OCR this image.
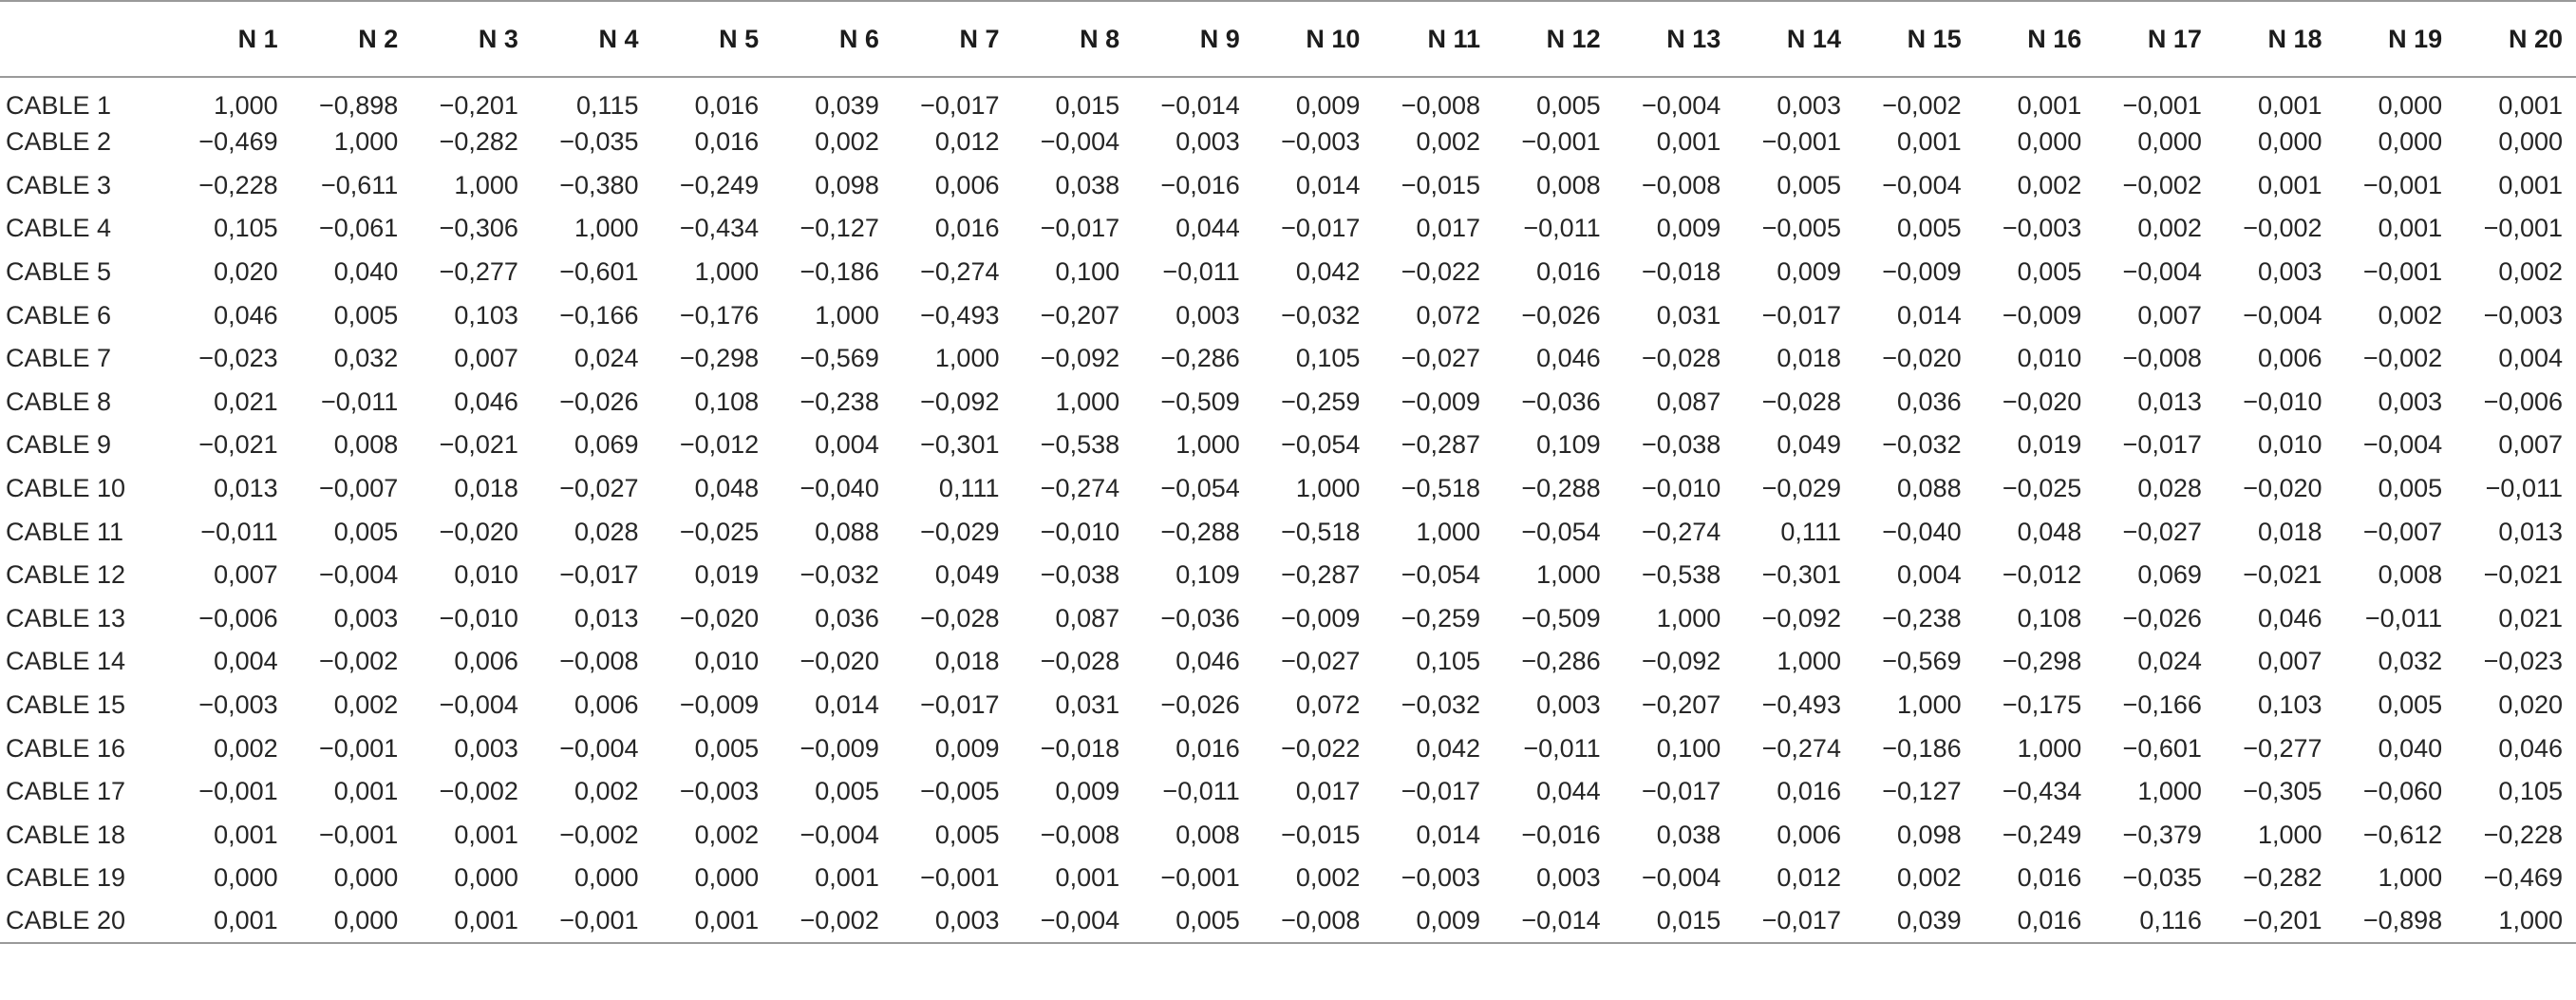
	N 1	N 2	N 3	N 4	N 5	N 6	N 7	N 8	N 9	N 10	N 11	N 12	N 13	N 14	N 15	N 16	N 17	N 18	N 19	N 20
CABLE 1	1,000	−0,898	−0,201	0,115	0,016	0,039	−0,017	0,015	−0,014	0,009	−0,008	0,005	−0,004	0,003	−0,002	0,001	−0,001	0,001	0,000	0,001
CABLE 2	−0,469	1,000	−0,282	−0,035	0,016	0,002	0,012	−0,004	0,003	−0,003	0,002	−0,001	0,001	−0,001	0,001	0,000	0,000	0,000	0,000	0,000
CABLE 3	−0,228	−0,611	1,000	−0,380	−0,249	0,098	0,006	0,038	−0,016	0,014	−0,015	0,008	−0,008	0,005	−0,004	0,002	−0,002	0,001	−0,001	0,001
CABLE 4	0,105	−0,061	−0,306	1,000	−0,434	−0,127	0,016	−0,017	0,044	−0,017	0,017	−0,011	0,009	−0,005	0,005	−0,003	0,002	−0,002	0,001	−0,001
CABLE 5	0,020	0,040	−0,277	−0,601	1,000	−0,186	−0,274	0,100	−0,011	0,042	−0,022	0,016	−0,018	0,009	−0,009	0,005	−0,004	0,003	−0,001	0,002
CABLE 6	0,046	0,005	0,103	−0,166	−0,176	1,000	−0,493	−0,207	0,003	−0,032	0,072	−0,026	0,031	−0,017	0,014	−0,009	0,007	−0,004	0,002	−0,003
CABLE 7	−0,023	0,032	0,007	0,024	−0,298	−0,569	1,000	−0,092	−0,286	0,105	−0,027	0,046	−0,028	0,018	−0,020	0,010	−0,008	0,006	−0,002	0,004
CABLE 8	0,021	−0,011	0,046	−0,026	0,108	−0,238	−0,092	1,000	−0,509	−0,259	−0,009	−0,036	0,087	−0,028	0,036	−0,020	0,013	−0,010	0,003	−0,006
CABLE 9	−0,021	0,008	−0,021	0,069	−0,012	0,004	−0,301	−0,538	1,000	−0,054	−0,287	0,109	−0,038	0,049	−0,032	0,019	−0,017	0,010	−0,004	0,007
CABLE 10	0,013	−0,007	0,018	−0,027	0,048	−0,040	0,111	−0,274	−0,054	1,000	−0,518	−0,288	−0,010	−0,029	0,088	−0,025	0,028	−0,020	0,005	−0,011
CABLE 11	−0,011	0,005	−0,020	0,028	−0,025	0,088	−0,029	−0,010	−0,288	−0,518	1,000	−0,054	−0,274	0,111	−0,040	0,048	−0,027	0,018	−0,007	0,013
CABLE 12	0,007	−0,004	0,010	−0,017	0,019	−0,032	0,049	−0,038	0,109	−0,287	−0,054	1,000	−0,538	−0,301	0,004	−0,012	0,069	−0,021	0,008	−0,021
CABLE 13	−0,006	0,003	−0,010	0,013	−0,020	0,036	−0,028	0,087	−0,036	−0,009	−0,259	−0,509	1,000	−0,092	−0,238	0,108	−0,026	0,046	−0,011	0,021
CABLE 14	0,004	−0,002	0,006	−0,008	0,010	−0,020	0,018	−0,028	0,046	−0,027	0,105	−0,286	−0,092	1,000	−0,569	−0,298	0,024	0,007	0,032	−0,023
CABLE 15	−0,003	0,002	−0,004	0,006	−0,009	0,014	−0,017	0,031	−0,026	0,072	−0,032	0,003	−0,207	−0,493	1,000	−0,175	−0,166	0,103	0,005	0,020
CABLE 16	0,002	−0,001	0,003	−0,004	0,005	−0,009	0,009	−0,018	0,016	−0,022	0,042	−0,011	0,100	−0,274	−0,186	1,000	−0,601	−0,277	0,040	0,046
CABLE 17	−0,001	0,001	−0,002	0,002	−0,003	0,005	−0,005	0,009	−0,011	0,017	−0,017	0,044	−0,017	0,016	−0,127	−0,434	1,000	−0,305	−0,060	0,105
CABLE 18	0,001	−0,001	0,001	−0,002	0,002	−0,004	0,005	−0,008	0,008	−0,015	0,014	−0,016	0,038	0,006	0,098	−0,249	−0,379	1,000	−0,612	−0,228
CABLE 19	0,000	0,000	0,000	0,000	0,000	0,001	−0,001	0,001	−0,001	0,002	−0,003	0,003	−0,004	0,012	0,002	0,016	−0,035	−0,282	1,000	−0,469
CABLE 20	0,001	0,000	0,001	−0,001	0,001	−0,002	0,003	−0,004	0,005	−0,008	0,009	−0,014	0,015	−0,017	0,039	0,016	0,116	−0,201	−0,898	1,000
